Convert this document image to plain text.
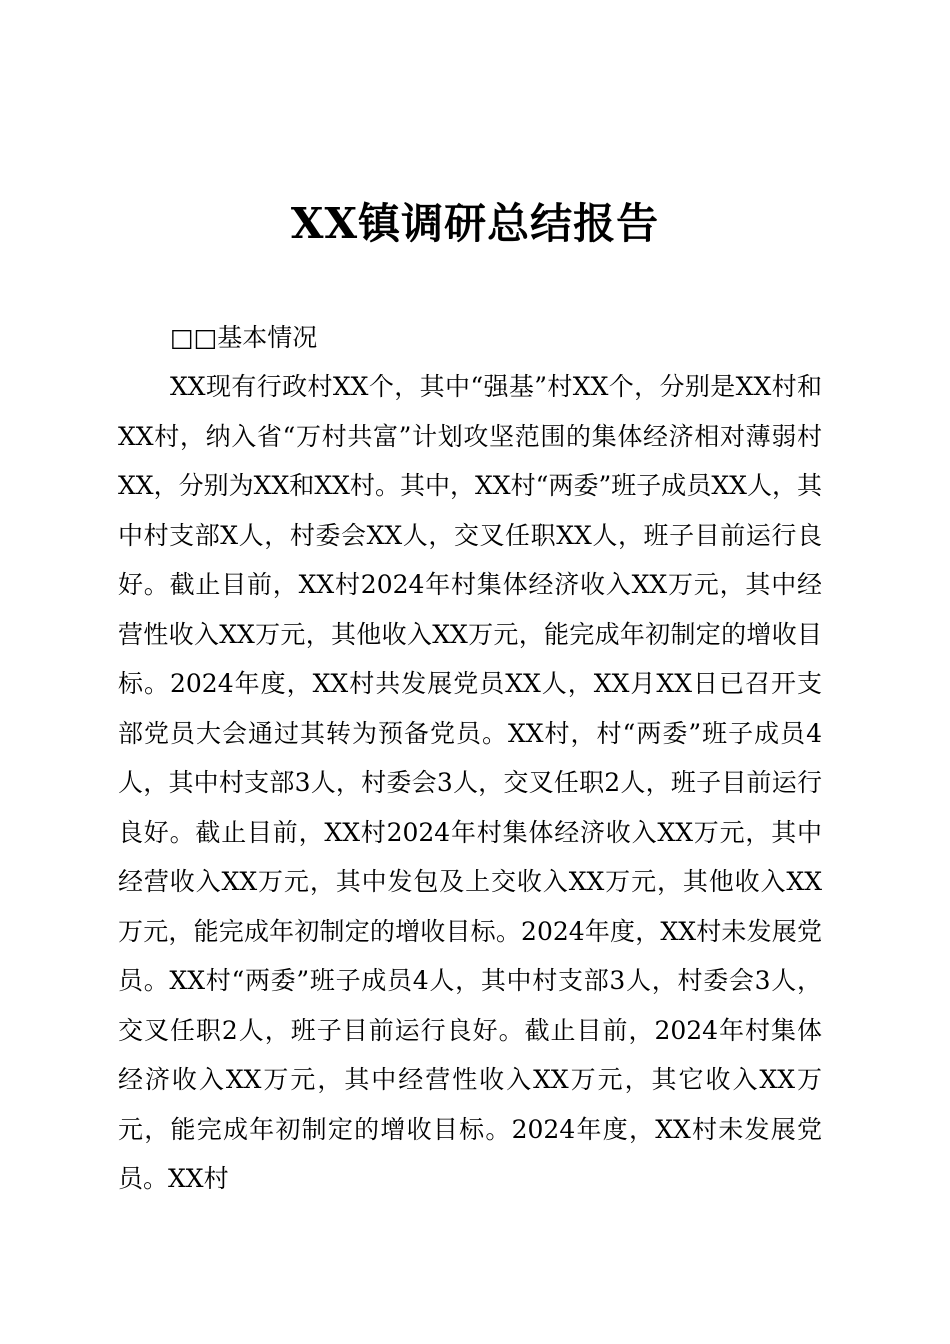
XX镇调研总结报告
□□基本情况

XX现有行政村XX个，其中“强基”村XX个，分别是XX村和XX村，纳入省“万村共富”计划攻坚范围的集体经济相对薄弱村XX，分别为XX和XX村。其中，XX村“两委”班子成员XX人，其中村支部X人，村委会XX人，交叉任职XX人，班子目前运行良好。截止目前，XX村2024年村集体经济收入XX万元，其中经营性收入XX万元，其他收入XX万元，能完成年初制定的增收目标。2024年度，XX村共发展党员XX人，XX月XX日已召开支部党员大会通过其转为预备党员。XX村，村“两委”班子成员4人，其中村支部3人，村委会3人，交叉任职2人，班子目前运行良好。截止目前，XX村2024年村集体经济收入XX万元，其中经营收入XX万元，其中发包及上交收入XX万元，其他收入XX万元，能完成年初制定的增收目标。2024年度，XX村未发展党员。XX村“两委”班子成员4人，其中村支部3人，村委会3人，交叉任职2人，班子目前运行良好。截止目前，2024年村集体经济收入XX万元，其中经营性收入XX万元，其它收入XX万元，能完成年初制定的增收目标。2024年度，XX村未发展党员。XX村
